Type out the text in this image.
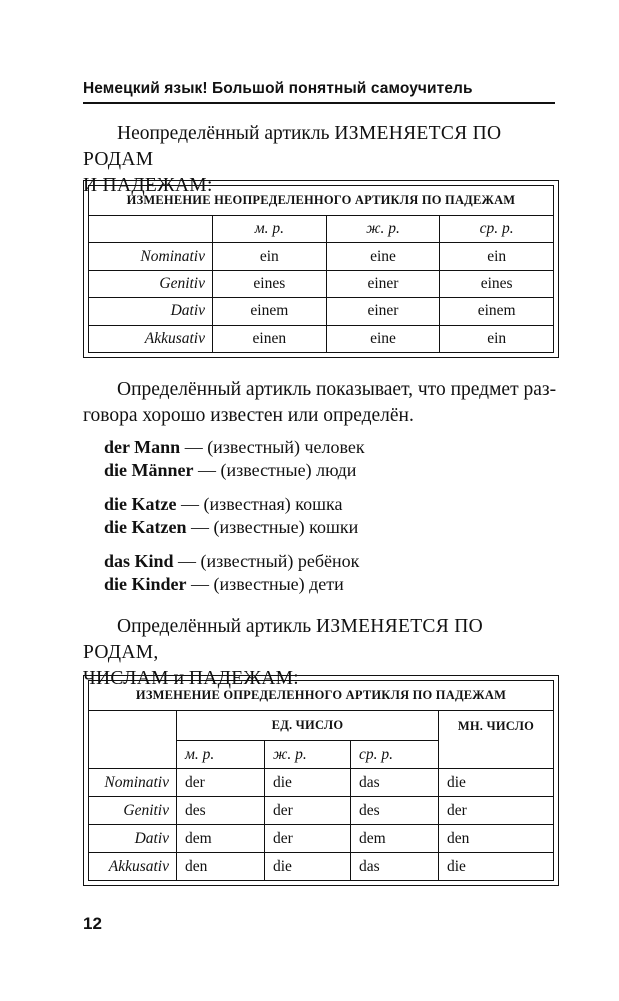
Немецкий язык! Большой понятный самоучитель
Неопределённый артикль ИЗМЕНЯЕТСЯ ПО РОДАМ
И ПАДЕЖАМ:
ИЗМЕНЕНИЕ НЕОПРЕДЕЛЕННОГО АРТИКЛЯ ПО ПАДЕЖАМ			
	м. р.	ж. р.	ср. р.
Nominativ	ein	eine	ein
Genitiv	eines	einer	eines
Dativ	einem	einer	einem
Akkusativ	einen	eine	ein
Определённый артикль показывает, что предмет раз-
говора хорошо известен или определён.
der Mann — (известный) человек
die Männer — (известные) люди
die Katze — (известная) кошка
die Katzen — (известные) кошки
das Kind — (известный) ребёнок
die Kinder — (известные) дети
Определённый артикль ИЗМЕНЯЕТСЯ ПО РОДАМ,
ЧИСЛАМ и ПАДЕЖАМ:
ИЗМЕНЕНИЕ ОПРЕДЕЛЕННОГО АРТИКЛЯ ПО ПАДЕЖАМ				
	ЕД. ЧИСЛО			МН. ЧИСЛО
	м. р.	ж. р.	ср. р.	
Nominativ	der	die	das	die
Genitiv	des	der	des	der
Dativ	dem	der	dem	den
Akkusativ	den	die	das	die
12
